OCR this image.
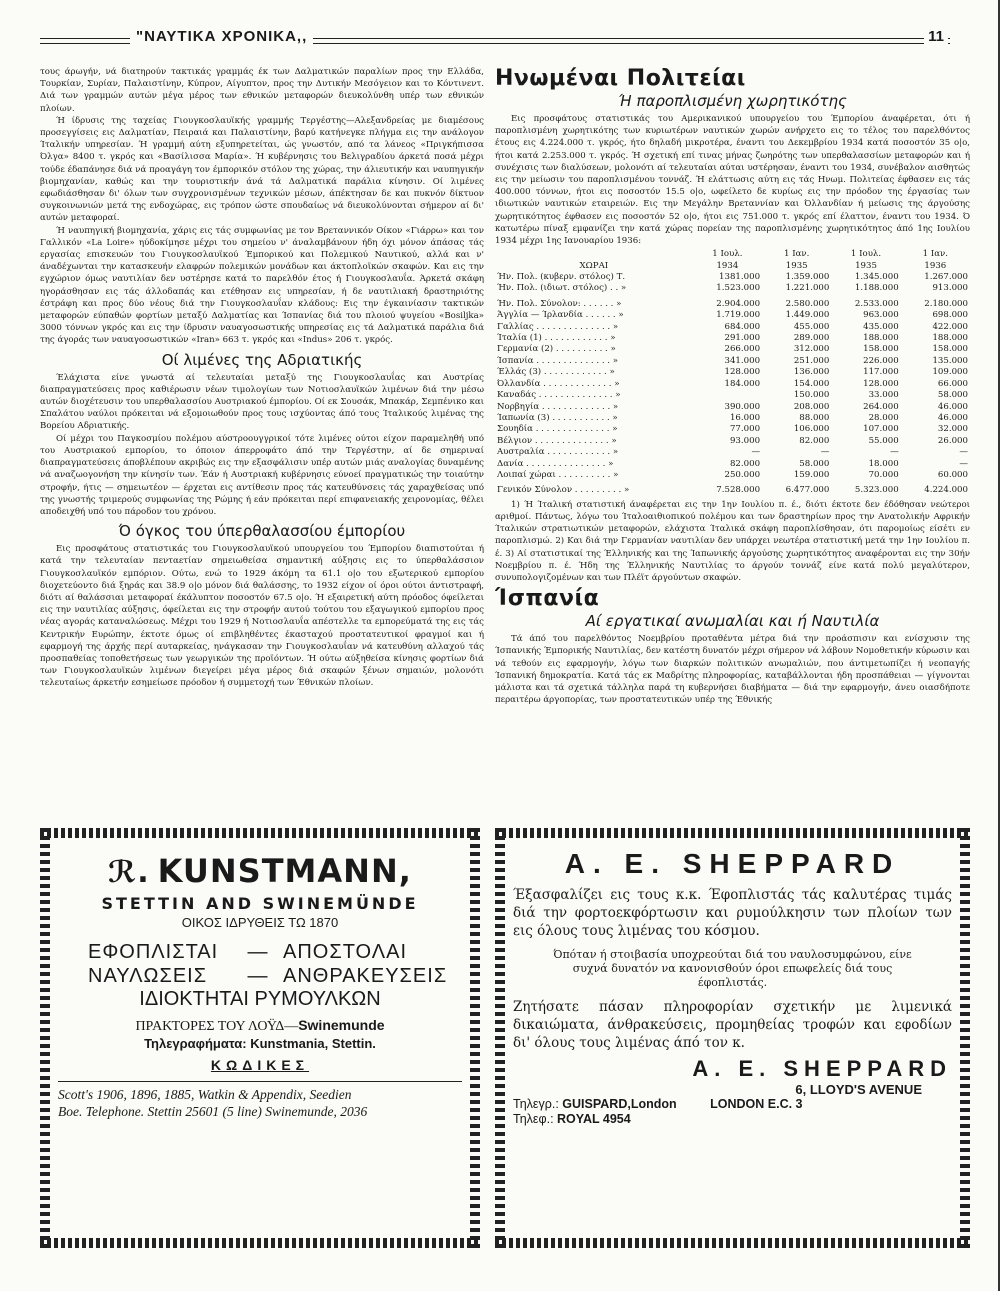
"ΝΑΥΤΙΚΑ ΧΡΟΝΙΚΑ,,	11

τους άρωγήν, νά διατηρούν τακτικάς γραμμάς έκ των Δαλματικών παραλίων προς την Ελλάδα, Τουρκίαν, Συρίαν, Παλαιστίνην, Κύπρον, Αίγυπτον, προς την Δυτικήν Μεσόγειον και το Κόντινεντ. Διά των γραμμών αυτών μέγα μέρος των εθνικών μεταφορών διευκολύνθη υπέρ των εθνικών πλοίων.

Ή ίδρυσις της ταχείας Γιουγκοσλαυϊκής γραμμής Τεργέστης—Αλεξανδρείας με διαμέσους προσεγγίσεις εις Δαλματίαν, Πειραιά και Παλαιστίνην, βαρύ κατήνεγκε πλήγμα εις την ανάλογον Ίταλικήν υπηρεσίαν. Ή γραμμή αύτη εξυπηρετείται, ώς γνωστόν, από τα λάνεος «Πριγκήπισσα Όλγα» 8400 τ. γκρός και «Βασίλισσα Μαρία». Ή κυβέρνησις του Βελιγραδίου άρκετά ποσά μέχρι τούδε έδαπάνησε διά νά προαγάγη τον έμπορικόν στόλον της χώρας, την άλιευτικήν και ναυπηγικήν βιομηχανίαν, καθώς και την τουριστικήν άνά τά Δαλματικά παράλια κίνησιν. Οί λιμένες εφωδιάσθησαν δι' όλων των συγχρονισμένων τεχνικών μέσων, άπέκτησαν δε και πυκνόν δίκτυον συγκοινωνιών μετά της ενδοχώρας, εις τρόπον ώστε σπουδαίως νά διευκολύνονται σήμερον αί δι' αυτών μεταφοραί.

Ή ναυπηγική βιομηχανία, χάρις εις τάς συμφωνίας με τον Βρεταννικόν Οίκον «Γιάρρω» και τον Γαλλικόν «La Loire» ηύδοκίμησε μέχρι του σημείου ν' άναλαμβάνουν ήδη όχι μόνον άπάσας τάς εργασίας επισκευών του Γιουγκοσλαυϊκού Έμπορικού και Πολεμικού Ναυτικού, αλλά και ν' άναδέχωνται την κατασκευήν ελαφρών πολεμικών μονάδων και άκτοπλοϊκών σκαφών. Και εις την εγχώριον όμως ναυτιλίαν δεν υστέρησε κατά το παρελθόν έτος ή Γιουγκοσλαυΐα. Άρκετά σκάφη ηγοράσθησαν εις τάς άλλοδαπάς και ετέθησαν εις υπηρεσίαν, ή δε ναυτιλιακή δραστηριότης έστράφη και προς δύο νέους διά την Γιουγκοσλαυΐαν κλάδους: Εις την έγκαινίασιν τακτικών μεταφορών εύπαθών φορτίων μεταξύ Δαλματίας και Ίσπανίας διά του πλοιού ψυγείου «Bosiljka» 3000 τόννων γκρός και εις την ίδρυσιν ναυαγοσωστικής υπηρεσίας εις τά Δαλματικά παράλια διά της άγοράς των ναυαγοσωστικών «Iran» 663 τ. γκρός και «Indus» 206 τ. γκρός.

Οί λιμένες της Αδριατικής

Έλάχιστα είνε γνωστά αί τελευταίαι μεταξύ της Γιουγκοσλαυΐας και Αυστρίας διαπραγματεύσεις προς καθιέρωσιν νέων τιμολογίων των Νοτιοσλαυϊκών λιμένων διά την μέσω αυτών διοχέτευσιν του υπερθαλασσίου Αυστριακού έμπορίου. Οί εκ Σουσάκ, Μπακάρ, Σεμπένικο και Σπαλάτου ναύλοι πρόκειται νά εξομοιωθούν προς τους ισχύοντας άπό τους Ίταλικούς λιμένας της Βορείου Αδριατικής.

Οί μέχρι του Παγκοσμίου πολέμου αύστροουγγρικοί τότε λιμένες ούτοι είχον παραμεληθή υπό του Αυστριακού εμπορίου, το όποιον άπερροφάτο άπό την Τεργέστην, αί δε σημεριναί διαπραγματεύσεις άποβλέπουν ακριβώς εις την εξασφάλισιν υπέρ αυτών μιάς αναλογίας δυναμένης νά αναζωογονήση την κίνησίν των. Έάν ή Αυστριακή κυβέρνησις εύνοεί πραγματικώς την τοιαύτην στροφήν, ήτις — σημειωτέον — έρχεται εις αντίθεσιν προς τάς κατευθύνσεις τάς χαραχθείσας υπό της γνωστής τριμερούς συμφωνίας της Ρώμης ή εάν πρόκειται περί επιφανειακής χειρονομίας, θέλει αποδειχθή υπό του πάροδον του χρόνου.

Ό όγκος του ύπερθαλασσίου έμπορίου

Εις προσφάτους στατιστικάς του Γιουγκοσλαυϊκού υπουργείου του Έμπορίου διαπιστούται ή κατά την τελευταίαν πενταετίαν σημειωθείσα σημαντική αύξησις εις το ύπερθαλάσσιον Γιουγκοσλαυϊκόν εμπόριον. Ούτω, ενώ το 1929 άκόμη τα 61.1 ο|ο του εξωτερικού εμπορίου διοχετεύοντο διά ξηράς και 38.9 ο|ο μόνον διά θαλάσσης, το 1932 είχον οί όροι ούτοι άντιστραφή, διότι αί θαλάσσιαι μεταφοραί έκάλυπτον ποσοστόν 67.5 ο|ο. Ή εξαιρετική αύτη πρόοδος όφείλεται εις την ναυτιλίας αύξησις, όφείλεται εις την στροφήν αυτού τούτου του εξαγωγικού εμπορίου προς νέας αγοράς καταναλώσεως. Μέχρι του 1929 ή Νοτιοσλαυΐα απέστελλε τα εμπορεύματά της εις τάς Κεντρικήν Ευρώπην, έκτοτε όμως οί επιβληθέντες έκασταχού προστατευτικοί φραγμοί και ή εφαρμογή της άρχής περί αυταρκείας, ηνάγκασαν την Γιουγκοσλαυΐαν νά κατευθύνη αλλαχού τάς προσπαθείας τοποθετήσεως των γεωργικών της προϊόντων. Ή ούτω αύξηθείσα κίνησις φορτίων διά των Γιουγκοσλαυϊκών λιμένων διεγείρει μέγα μέρος διά σκαφών ξένων σημαιών, μολονότι τελευταίως άρκετήν εσημείωσε πρόοδον ή συμμετοχή των Έθνικών πλοίων.

Ηνωμέναι Πολιτείαι
Ή παροπλισμένη χωρητικότης

Εις προσφάτους στατιστικάς του Αμερικανικού υπουργείου του Έμπορίου άναφέρεται, ότι ή παροπλισμένη χωρητικότης των κυριωτέρων ναυτικών χωρών ανήρχετο εις το τέλος του παρελθόντος έτους εις 4.224.000 τ. γκρός, ήτο δηλαδή μικροτέρα, έναντι του Δεκεμβρίου 1934 κατά ποσοστόν 35 ο|ο, ήτοι κατά 2.253.000 τ. γκρός. Ή σχετική επί τινας μήνας ζωηρότης των υπερθαλασσίων μεταφορών και ή συνέχισις των διαλύσεων, μολονότι αί τελευταίαι αύται υστέρησαν, έναντι του 1934, συνέβαλον αισθητώς εις την μείωσιν του παροπλισμένου τοννάζ. Ή ελάττωσις αύτη εις τάς Ηνωμ. Πολιτείας έφθασεν εις τάς 400.000 τόννων, ήτοι εις ποσοστόν 15.5 ο|ο, ωφείλετο δε κυρίως εις την πρόοδον της έργασίας των ιδιωτικών ναυτικών εταιρειών. Εις την Μεγάλην Βρεταννίαν και Όλλανδίαν ή μείωσις της άργούσης χωρητικότητος έφθασεν εις ποσοστόν 52 ο|ο, ήτοι εις 751.000 τ. γκρός επί έλαττον, έναντι του 1934. Ό κατωτέρω πίναξ εμφανίζει την κατά χώρας πορείαν της παροπλισμένης χωρητικότητος άπό 1ης Ιουλίου 1934 μέχρι 1ης Ιανουαρίου 1936:

	1 Ιουλ.	1 Ιαν.	1 Ιουλ.	1 Ιαν.
ΧΩΡΑΙ	1934	1935	1935	1936
Ήν. Πολ. (κυβερν. στόλος) Τ.	1381.000	1.359.000	1.345.000	1.267.000
Ήν. Πολ. (ιδιωτ. στόλος) . . »	1.523.000	1.221.000	1.188.000	913.000

Ήν. Πολ. Σύνολον: . . . . . . »	2.904.000	2.580.000	2.533.000	2.180.000
Άγγλία — Ίρλανδία . . . . . . »	1.719.000	1.449.000	963.000	698.000
Γαλλίας . . . . . . . . . . . . . . »	684.000	455.000	435.000	422.000
Ίταλία (1) . . . . . . . . . . . . »	291.000	289.000	188.000	188.000
Γερμανία (2) . . . . . . . . . . »	266.000	312.000	158.000	158.000
Ίσπανία . . . . . . . . . . . . . . »	341.000	251.000	226.000	135.000
Έλλάς (3) . . . . . . . . . . . . »	128.000	136.000	117.000	109.000
Όλλανδία . . . . . . . . . . . . . »	184.000	154.000	128.000	66.000
Καναδάς . . . . . . . . . . . . . . »		150.000	33.000	58.000
Νορβηγία . . . . . . . . . . . . . »	390.000	208.000	264.000	46.000
Ίαπωνία (3) . . . . . . . . . . . »	16.000	88.000	28.000	46.000
Σουηδία . . . . . . . . . . . . . . »	77.000	106.000	107.000	32.000
Βέλγιον . . . . . . . . . . . . . . »	93.000	82.000	55.000	26.000
Αυστραλία . . . . . . . . . . . . »	—	—	—	—
Δανία . . . . . . . . . . . . . . . »	82.000	58.000	18.000	—
Λοιπαί χώραι . . . . . . . . . . »	250.000	159.000	70.000	60.000

Γενικόν Σύνολον . . . . . . . . . »	7.528.000	6.477.000	5.323.000	4.224.000

1) Ή Ίταλική στατιστική άναφέρεται εις την 1ην Ιουλίου π. έ., διότι έκτοτε δεν έδόθησαν νεώτεροι αριθμοί. Πάντως, λόγω του Ίταλοαιθιοπικού πολέμου και των δραστηρίων προς την Ανατολικήν Αφρικήν Ίταλικών στρατιωτικών μεταφορών, ελάχιστα Ίταλικά σκάφη παροπλίσθησαν, ότι παρομοίως είσέτι εν παροπλισμώ. 2) Και διά την Γερμανίαν ναυτιλίαν δεν υπάρχει νεωτέρα στατιστική μετά την 1ην Ιουλίου π. έ. 3) Αί στατιστικαί της Έλληνικής και της Ίαπωνικής άργούσης χωρητικότητος αναφέρονται εις την 30ήν Νοεμβρίου π. έ. Ήδη της Έλληνικής Ναυτιλίας το άργούν τοννάζ είνε κατά πολύ μεγαλύτερον, συνυπολογιζομένων και των Πλέϊτ άργούντων σκαφών.

Ίσπανία
Αί εργατικαί ανωμαλίαι και ή Ναυτιλία

Τά άπό του παρελθόντος Νοεμβρίου προταθέντα μέτρα διά την προάσπισιν και ενίσχυσιν της Ίσπανικής Έμπορικής Ναυτιλίας, δεν κατέστη δυνατόν μέχρι σήμερον νά λάβουν Νομοθετικήν κύρωσιν και νά τεθούν εις εφαρμογήν, λόγω των διαρκών πολιτικών ανωμαλιών, που άντιμετωπίζει ή νεοπαγής Ίσπανική δημοκρατία. Κατά τάς εκ Μαδρίτης πληροφορίας, καταβάλλονται ήδη προσπάθειαι — γίγνονται μάλιστα και τά σχετικά τάλληλα παρά τη κυβερνήσει διαβήματα — διά την εφαρμογήν, άνευ οιασδήποτε περαιτέρω άργοπορίας, των προστατευτικών υπέρ της Έθνικής

ℛ. KUNSTMANN,
STETTIN AND SWINEMÜNDE
ΟΙΚΟΣ ΙΔΡΥΘΕΙΣ ΤΩ 1870
ΕΦΟΠΛΙΣΤΑΙ — ΑΠΟΣΤΟΛΑΙ
ΝΑΥΛΩΣΕΙΣ — ΑΝΘΡΑΚΕΥΣΕΙΣ
ΙΔΙΟΚΤΗΤΑΙ ΡΥΜΟΥΛΚΩΝ
ΠΡΑΚΤΟΡΕΣ ΤΟΥ ΛΟΫΔ—Swinemunde
Τηλεγραφήματα: Kunstmania, Stettin.
ΚΩΔΙΚΕΣ
Scott's 1906, 1896, 1885, Watkin & Appendix, Seedien
Boe. Telephone. Stettin 25601 (5 line) Swinemunde, 2036
A. E. SHEPPARD
Έξασφαλίζει εις τους κ.κ. Έφοπλιστάς τάς καλυτέρας τιμάς διά την φορτοεκφόρτωσιν και ρυμούλκησιν των πλοίων των εις όλους τους λιμένας του κόσμου.
Όπόταν ή στοιβασία υποχρεούται διά του ναυλοσυμφώνου, είνε συχνά δυνατόν να κανονισθούν όροι επωφελείς διά τους έφοπλιστάς.
Ζητήσατε πάσαν πληροφορίαν σχετικήν με λιμενικά δικαιώματα, άνθρακεύσεις, προμηθείας τροφών και εφοδίων δι' όλους τους λιμένας άπό τον κ.
A. E. SHEPPARD
6, LLOYD'S AVENUE
Τηλεγρ.: GUISPARD,London	LONDON E.C. 3
Τηλεφ.: ROYAL 4954
